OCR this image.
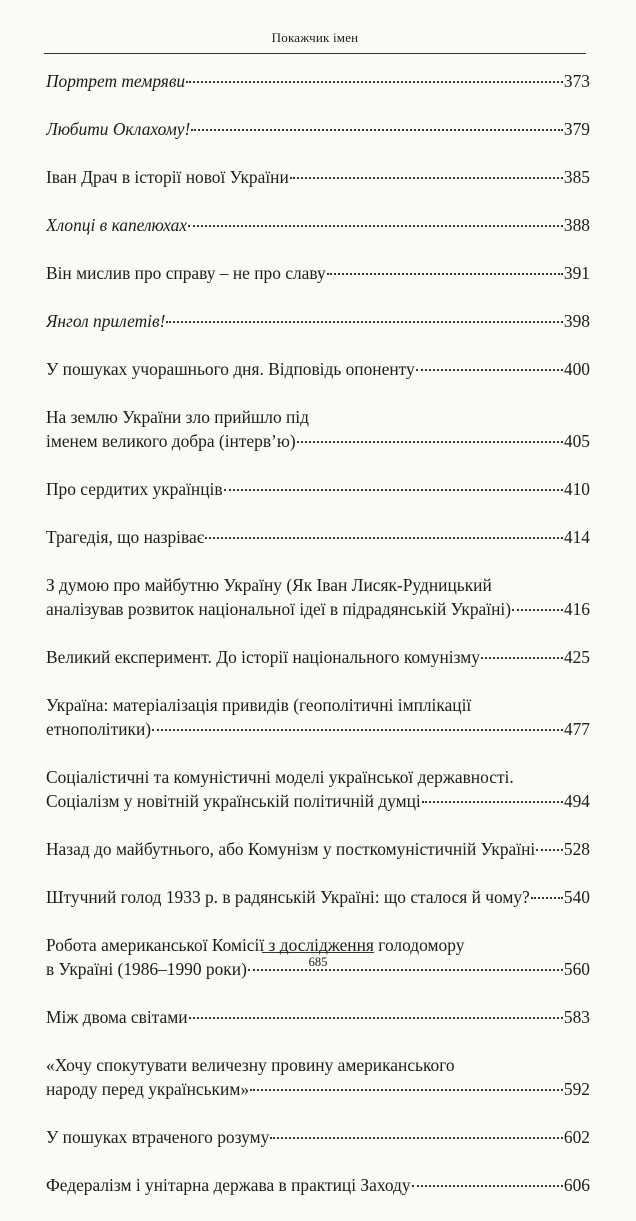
Покажчик імен
Портрет темряви	373
Любити Оклахому!	379
Іван Драч в історії нової України	385
Хлопці в капелюхах	388
Він мислив про справу – не про славу	391
Янгол прилетів!	398
У пошуках учорашнього дня. Відповідь опоненту	400
На землю України зло прийшло під
іменем великого добра (інтерв’ю)	405
Про сердитих українців	410
Трагедія, що назріває	414
З думою про майбутню Україну (Як Іван Лисяк-Рудницький
аналізував розвиток національної ідеї в підрадянській Україні)	416
Великий експеримент. До історії національного комунізму	425
Україна: матеріалізація привидів (геополітичні імплікації
етнополітики)	477
Соціалістичні та комуністичні моделі української державності.
Соціалізм у новітній українській політичній думці	494
Назад до майбутнього, або Комунізм у посткомуністичній Україні 528
Штучний голод 1933 р. в радянській Україні: що сталося й чому? 540
Робота американської Комісії з дослідження голодомору
в Україні (1986–1990 роки)	560
Між двома світами	583
«Хочу спокутувати величезну провину американського
народу перед українським»	592
У пошуках втраченого розуму	602
Федералізм і унітарна держава в практиці Заходу	606
685
